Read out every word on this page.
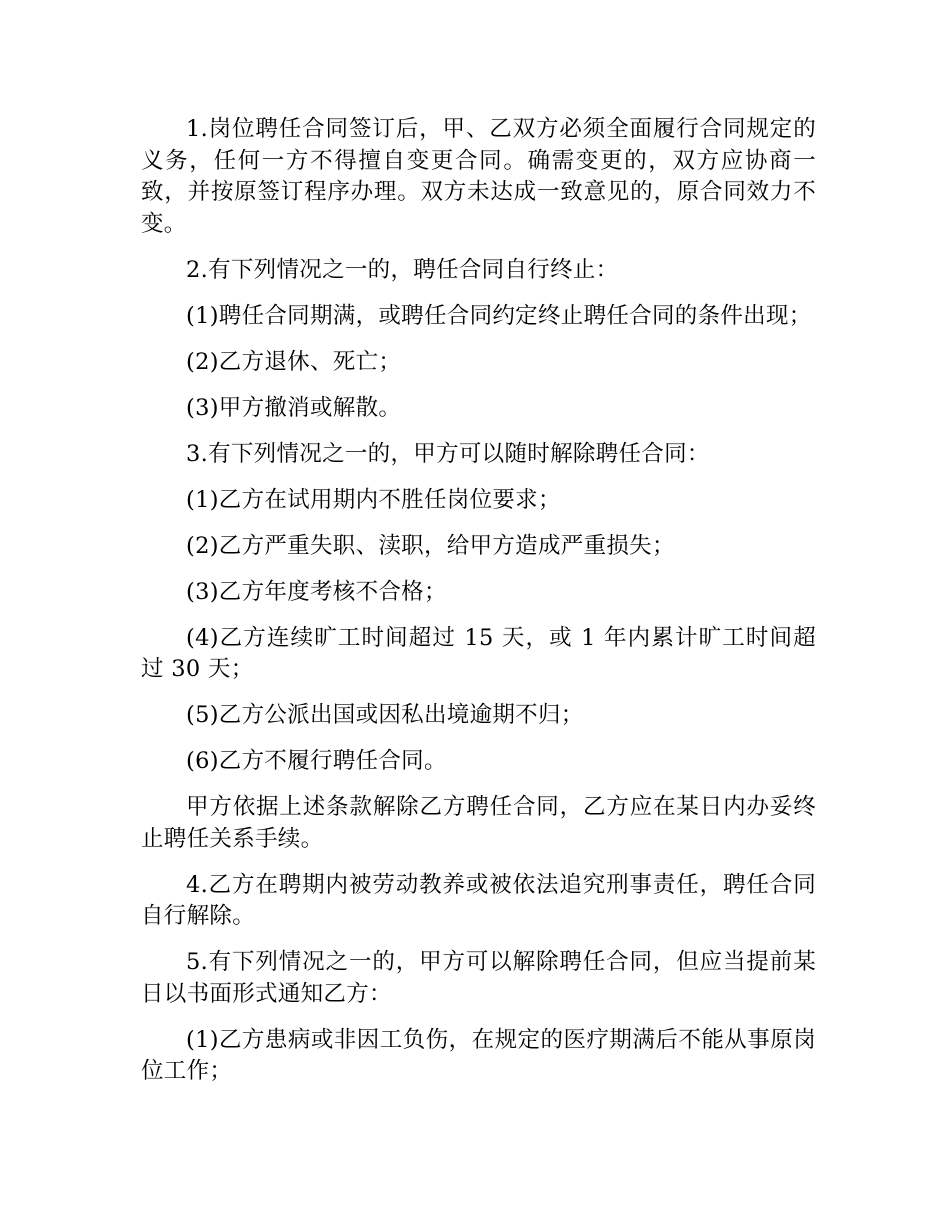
1.岗位聘任合同签订后，甲、乙双方必须全面履行合同规定的义务，任何一方不得擅自变更合同。确需变更的，双方应协商一致，并按原签订程序办理。双方未达成一致意见的，原合同效力不变。

2.有下列情况之一的，聘任合同自行终止：

(1)聘任合同期满，或聘任合同约定终止聘任合同的条件出现；

(2)乙方退休、死亡；

(3)甲方撤消或解散。

3.有下列情况之一的，甲方可以随时解除聘任合同：

(1)乙方在试用期内不胜任岗位要求；

(2)乙方严重失职、渎职，给甲方造成严重损失；

(3)乙方年度考核不合格；

(4)乙方连续旷工时间超过 15 天，或 1 年内累计旷工时间超过 30 天；

(5)乙方公派出国或因私出境逾期不归；

(6)乙方不履行聘任合同。

甲方依据上述条款解除乙方聘任合同，乙方应在某日内办妥终止聘任关系手续。

4.乙方在聘期内被劳动教养或被依法追究刑事责任，聘任合同自行解除。

5.有下列情况之一的，甲方可以解除聘任合同，但应当提前某日以书面形式通知乙方：

(1)乙方患病或非因工负伤，在规定的医疗期满后不能从事原岗位工作；
